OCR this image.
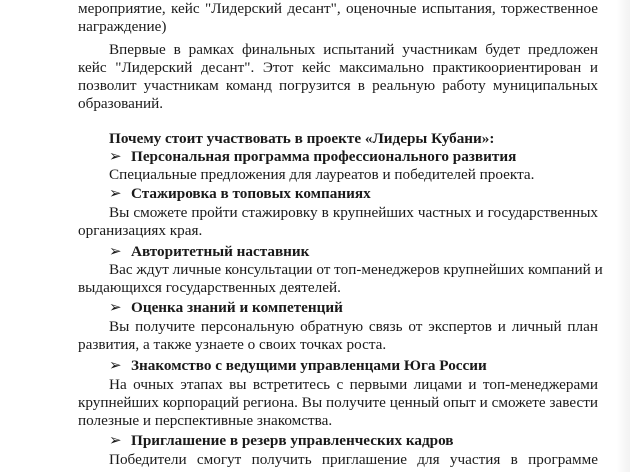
мероприятие, кейс "Лидерский десант", оценочные испытания, торжественное
награждение)
Впервые в рамках финальных испытаний участникам будет предложен
кейс "Лидерский десант". Этот кейс максимально практикоориентирован и
позволит участникам команд погрузится в реальную работу муниципальных
образований.
Почему стоит участвовать в проекте «Лидеры Кубани»:
➢ Персональная программа профессионального развития
Специальные предложения для лауреатов и победителей проекта.
➢ Стажировка в топовых компаниях
Вы сможете пройти стажировку в крупнейших частных и государственных
организациях края.
➢ Авторитетный наставник
Вас ждут личные консультации от топ-менеджеров крупнейших компаний и
выдающихся государственных деятелей.
➢ Оценка знаний и компетенций
Вы получите персональную обратную связь от экспертов и личный план
развития, а также узнаете о своих точках роста.
➢ Знакомство с ведущими управленцами Юга России
На очных этапах вы встретитесь с первыми лицами и топ-менеджерами
крупнейших корпораций региона. Вы получите ценный опыт и сможете завести
полезные и перспективные знакомства.
➢ Приглашение в резерв управленческих кадров
Победители смогут получить приглашение для участия в программе
